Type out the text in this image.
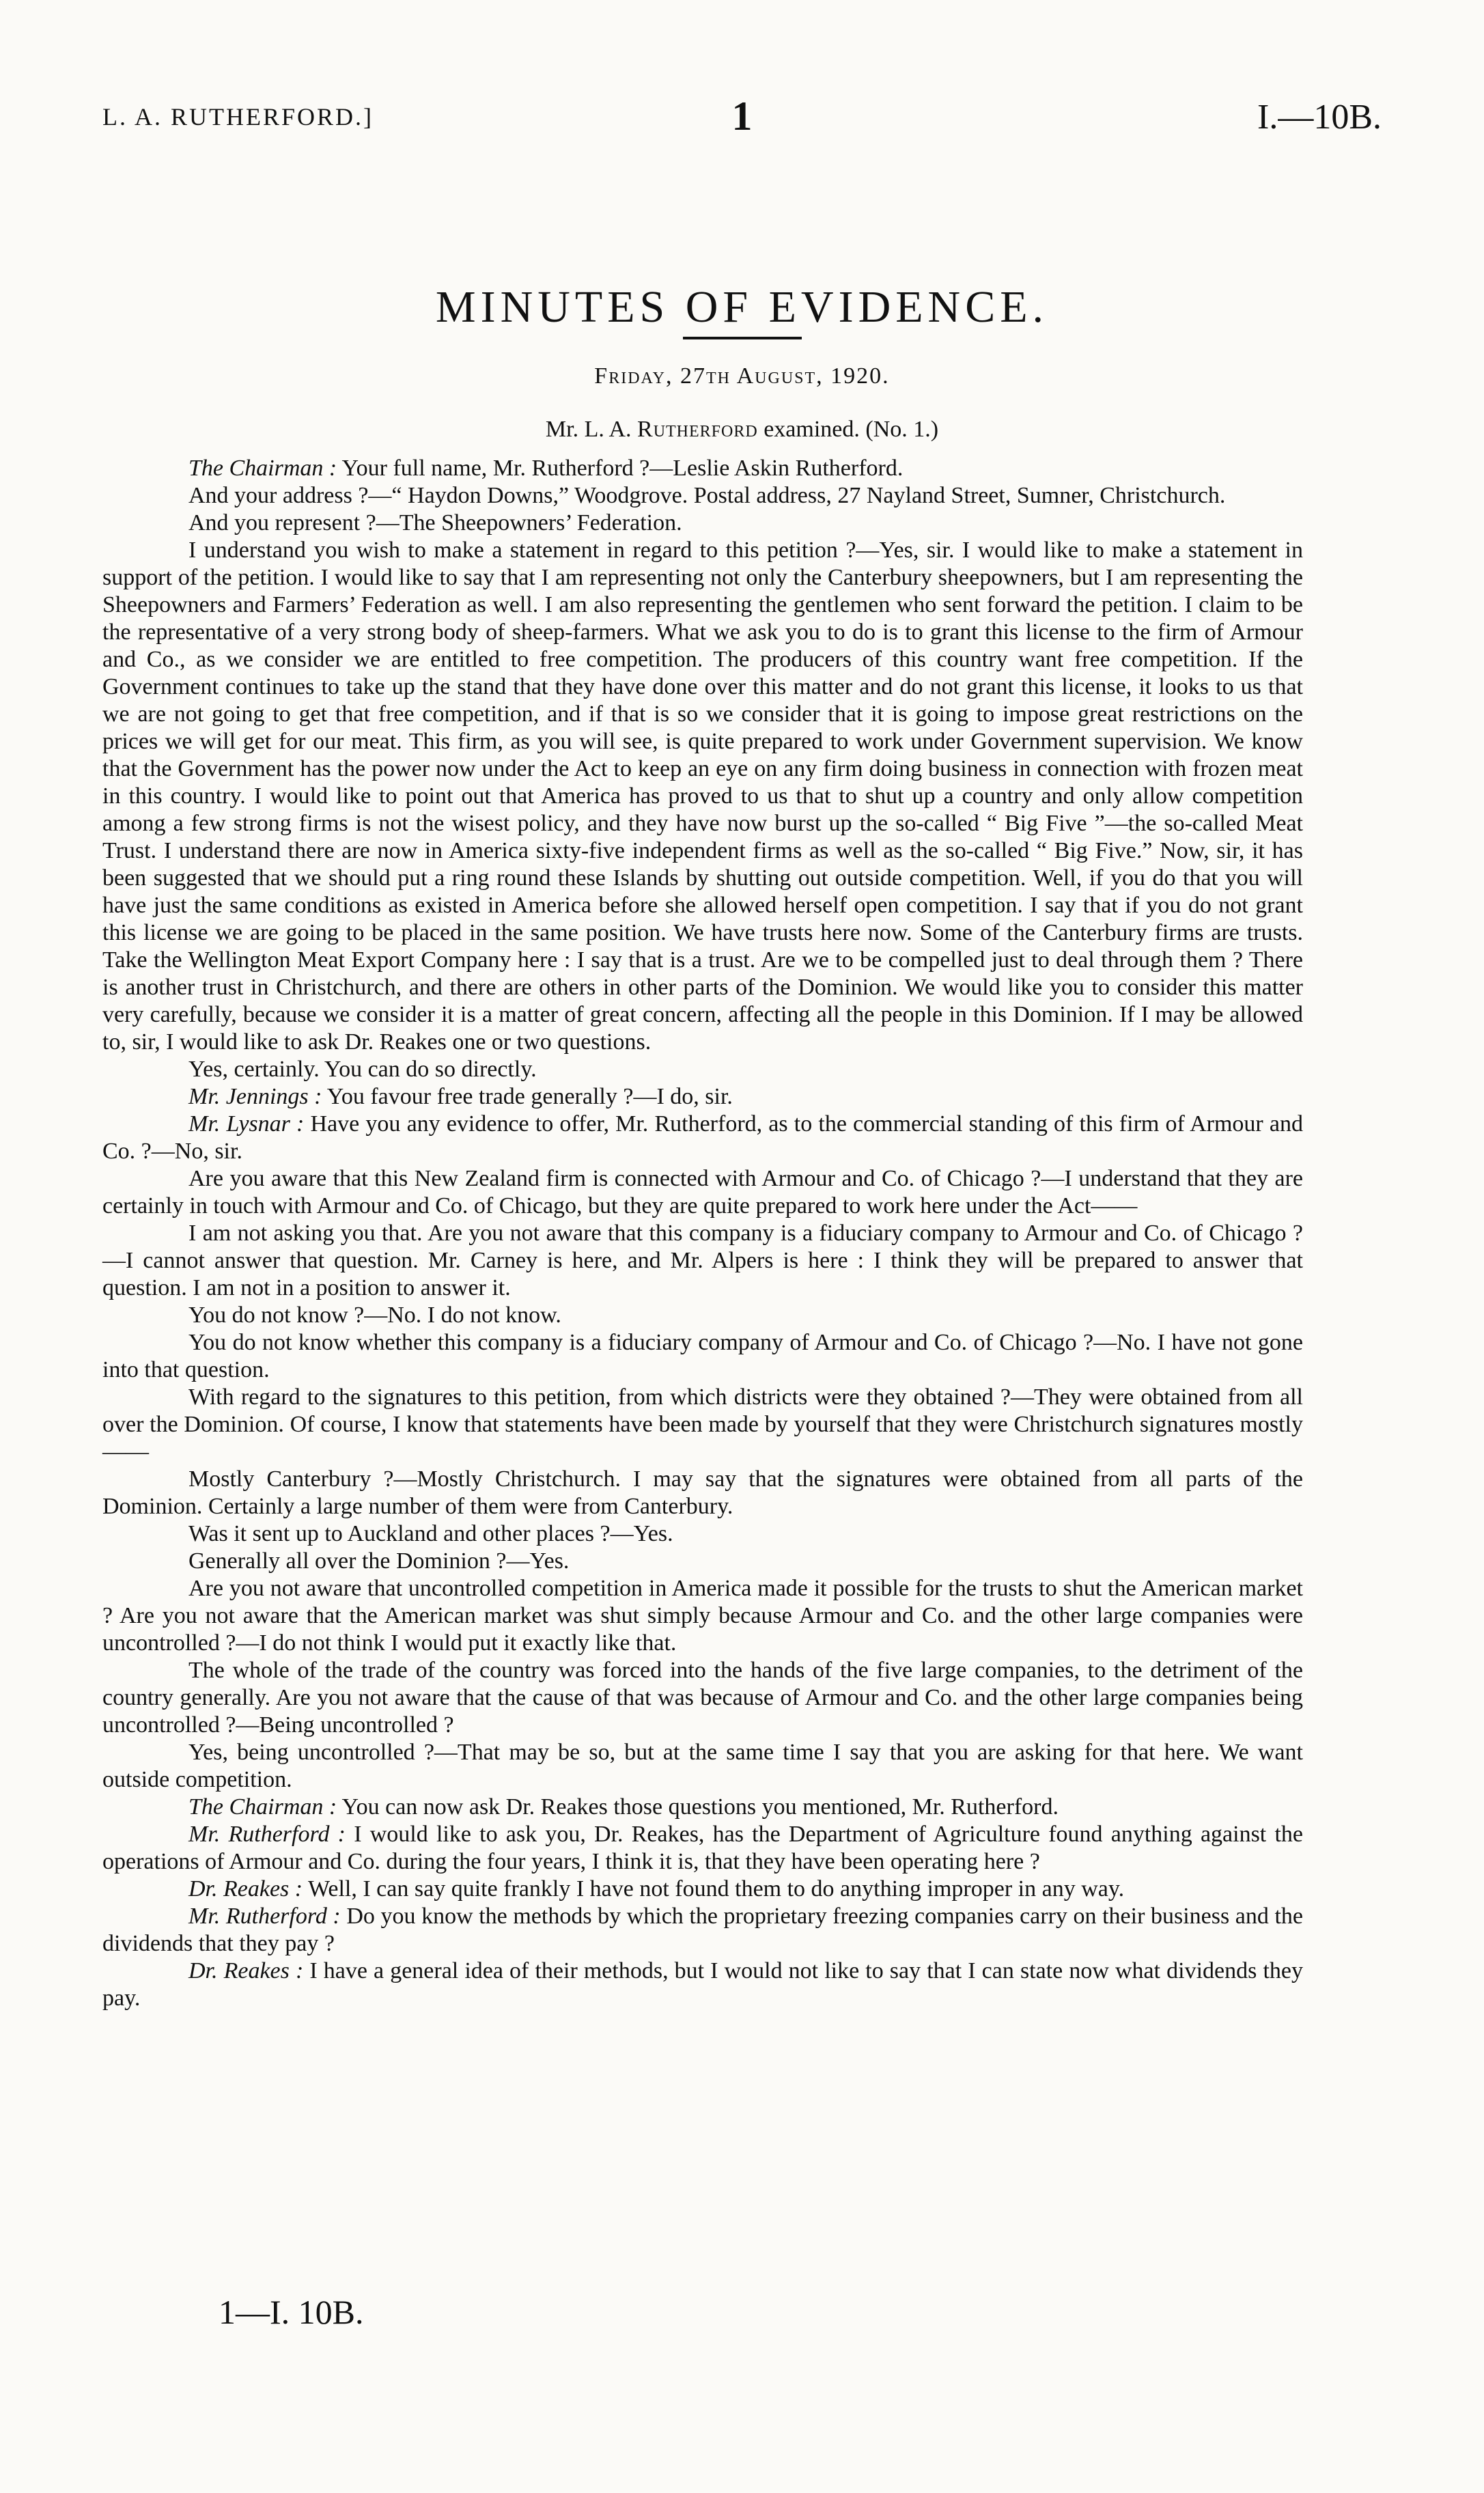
L. A. RUTHERFORD.]	1	I.—10B.
MINUTES OF EVIDENCE.
Friday, 27th August, 1920.
Mr. L. A. Rutherford examined. (No. 1.)

The Chairman : Your full name, Mr. Rutherford ?—Leslie Askin Rutherford.

And your address ?—“ Haydon Downs,” Woodgrove. Postal address, 27 Nayland Street, Sumner, Christchurch.

And you represent ?—The Sheepowners’ Federation.

I understand you wish to make a statement in regard to this petition ?—Yes, sir. I would like to make a statement in support of the petition. I would like to say that I am representing not only the Canterbury sheepowners, but I am representing the Sheepowners and Farmers’ Federation as well. I am also representing the gentlemen who sent forward the petition. I claim to be the representative of a very strong body of sheep-farmers. What we ask you to do is to grant this license to the firm of Armour and Co., as we consider we are entitled to free competition. The producers of this country want free competition. If the Government continues to take up the stand that they have done over this matter and do not grant this license, it looks to us that we are not going to get that free competition, and if that is so we consider that it is going to impose great restrictions on the prices we will get for our meat. This firm, as you will see, is quite prepared to work under Government supervision. We know that the Government has the power now under the Act to keep an eye on any firm doing business in connection with frozen meat in this country. I would like to point out that America has proved to us that to shut up a country and only allow competition among a few strong firms is not the wisest policy, and they have now burst up the so-called “ Big Five ”—the so-called Meat Trust. I understand there are now in America sixty-five independent firms as well as the so-called “ Big Five.” Now, sir, it has been suggested that we should put a ring round these Islands by shutting out outside competition. Well, if you do that you will have just the same conditions as existed in America before she allowed herself open competition. I say that if you do not grant this license we are going to be placed in the same position. We have trusts here now. Some of the Canterbury firms are trusts. Take the Wellington Meat Export Company here : I say that is a trust. Are we to be compelled just to deal through them ? There is another trust in Christchurch, and there are others in other parts of the Dominion. We would like you to consider this matter very carefully, because we consider it is a matter of great concern, affecting all the people in this Dominion. If I may be allowed to, sir, I would like to ask Dr. Reakes one or two questions.

Yes, certainly. You can do so directly.

Mr. Jennings : You favour free trade generally ?—I do, sir.

Mr. Lysnar : Have you any evidence to offer, Mr. Rutherford, as to the commercial standing of this firm of Armour and Co. ?—No, sir.

Are you aware that this New Zealand firm is connected with Armour and Co. of Chicago ?—I understand that they are certainly in touch with Armour and Co. of Chicago, but they are quite prepared to work here under the Act——

I am not asking you that. Are you not aware that this company is a fiduciary company to Armour and Co. of Chicago ?—I cannot answer that question. Mr. Carney is here, and Mr. Alpers is here : I think they will be prepared to answer that question. I am not in a position to answer it.

You do not know ?—No. I do not know.

You do not know whether this company is a fiduciary company of Armour and Co. of Chicago ?—No. I have not gone into that question.

With regard to the signatures to this petition, from which districts were they obtained ?—They were obtained from all over the Dominion. Of course, I know that statements have been made by yourself that they were Christchurch signatures mostly——

Mostly Canterbury ?—Mostly Christchurch. I may say that the signatures were obtained from all parts of the Dominion. Certainly a large number of them were from Canterbury.

Was it sent up to Auckland and other places ?—Yes.

Generally all over the Dominion ?—Yes.

Are you not aware that uncontrolled competition in America made it possible for the trusts to shut the American market ? Are you not aware that the American market was shut simply because Armour and Co. and the other large companies were uncontrolled ?—I do not think I would put it exactly like that.

The whole of the trade of the country was forced into the hands of the five large companies, to the detriment of the country generally. Are you not aware that the cause of that was because of Armour and Co. and the other large companies being uncontrolled ?—Being uncontrolled ?

Yes, being uncontrolled ?—That may be so, but at the same time I say that you are asking for that here. We want outside competition.

The Chairman : You can now ask Dr. Reakes those questions you mentioned, Mr. Rutherford.

Mr. Rutherford : I would like to ask you, Dr. Reakes, has the Department of Agriculture found anything against the operations of Armour and Co. during the four years, I think it is, that they have been operating here ?

Dr. Reakes : Well, I can say quite frankly I have not found them to do anything improper in any way.

Mr. Rutherford : Do you know the methods by which the proprietary freezing companies carry on their business and the dividends that they pay ?

Dr. Reakes : I have a general idea of their methods, but I would not like to say that I can state now what dividends they pay.

1—I. 10B.
